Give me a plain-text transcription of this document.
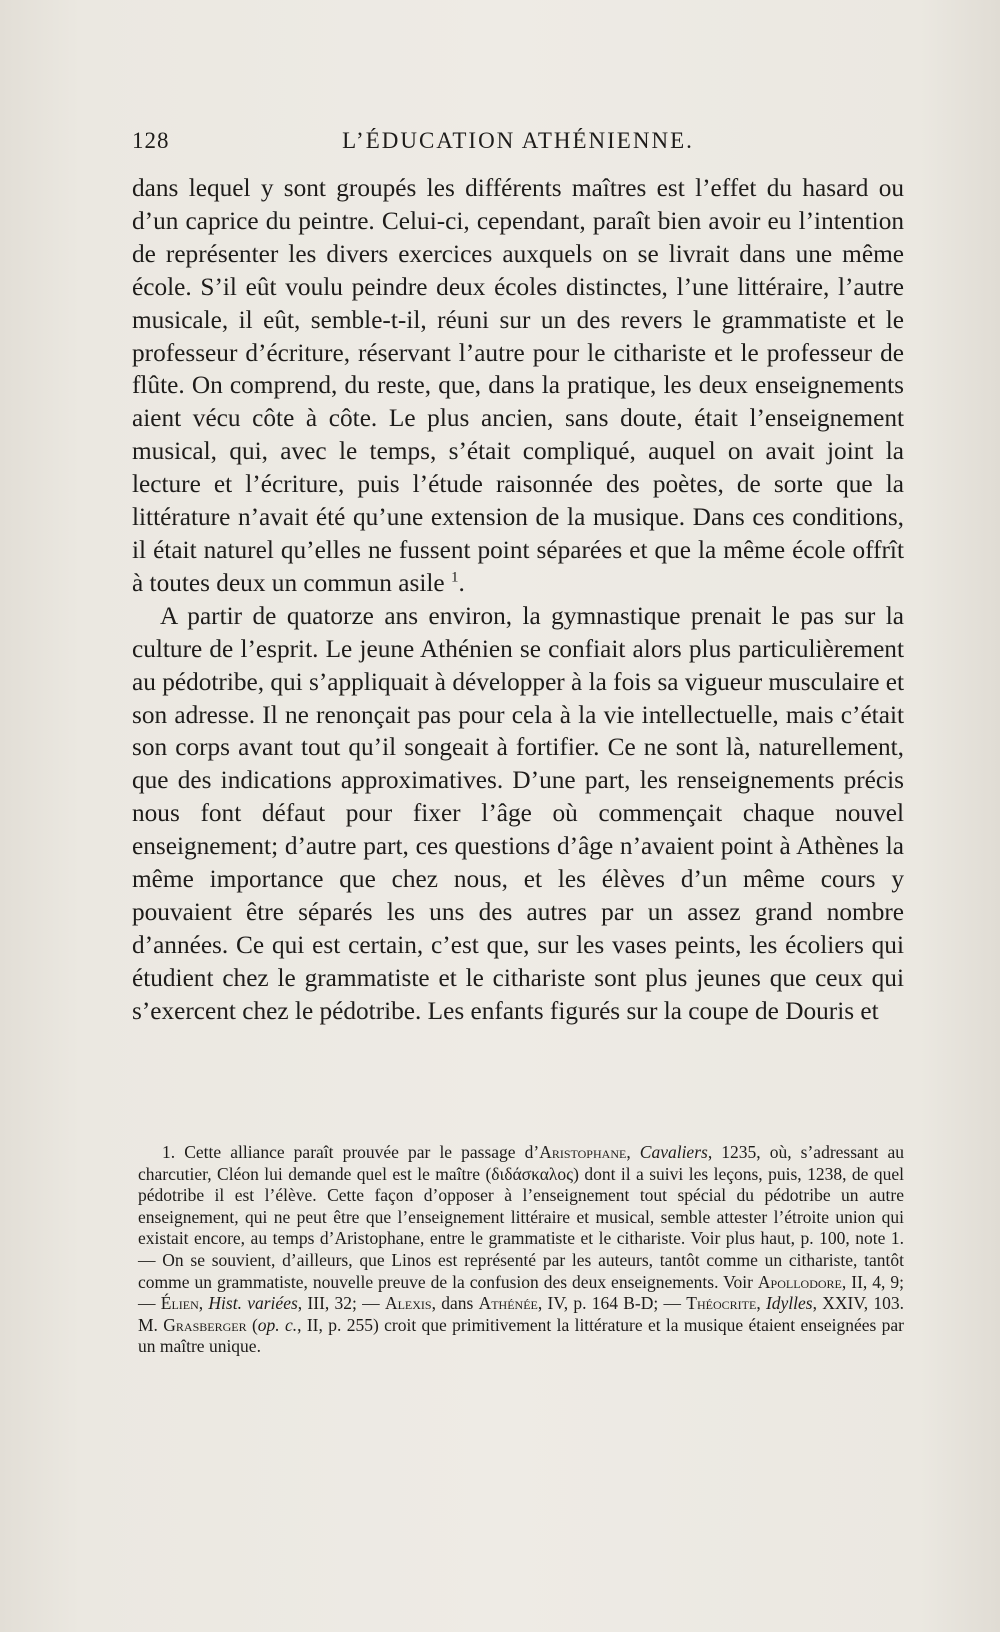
128	L’ÉDUCATION ATHÉNIENNE.

dans lequel y sont groupés les différents maîtres est l’effet du hasard ou d’un caprice du peintre. Celui-ci, cependant, paraît bien avoir eu l’intention de représenter les divers exercices auxquels on se livrait dans une même école. S’il eût voulu peindre deux écoles distinctes, l’une littéraire, l’autre musicale, il eût, semble-t-il, réuni sur un des revers le grammatiste et le professeur d’écriture, réservant l’autre pour le cithariste et le professeur de flûte. On comprend, du reste, que, dans la pratique, les deux enseignements aient vécu côte à côte. Le plus ancien, sans doute, était l’enseignement musical, qui, avec le temps, s’était compliqué, auquel on avait joint la lecture et l’écriture, puis l’étude raisonnée des poètes, de sorte que la littérature n’avait été qu’une extension de la musique. Dans ces conditions, il était naturel qu’elles ne fussent point séparées et que la même école offrît à toutes deux un commun asile $^1$.

A partir de quatorze ans environ, la gymnastique prenait le pas sur la culture de l’esprit. Le jeune Athénien se confiait alors plus particulièrement au pédotribe, qui s’appliquait à développer à la fois sa vigueur musculaire et son adresse. Il ne renonçait pas pour cela à la vie intellectuelle, mais c’était son corps avant tout qu’il songeait à fortifier. Ce ne sont là, naturellement, que des indications approximatives. D’une part, les renseignements précis nous font défaut pour fixer l’âge où commençait chaque nouvel enseignement; d’autre part, ces questions d’âge n’avaient point à Athènes la même importance que chez nous, et les élèves d’un même cours y pouvaient être séparés les uns des autres par un assez grand nombre d’années. Ce qui est certain, c’est que, sur les vases peints, les écoliers qui étudient chez le grammatiste et le cithariste sont plus jeunes que ceux qui s’exercent chez le pédotribe. Les enfants figurés sur la coupe de Douris et

1. Cette alliance paraît prouvée par le passage d’Aristophane, Cavaliers, 1235, où, s’adressant au charcutier, Cléon lui demande quel est le maître (διδάσκαλος) dont il a suivi les leçons, puis, 1238, de quel pédotribe il est l’élève. Cette façon d’opposer à l’enseignement tout spécial du pédotribe un autre enseignement, qui ne peut être que l’enseignement littéraire et musical, semble attester l’étroite union qui existait encore, au temps d’Aristophane, entre le grammatiste et le cithariste. Voir plus haut, p. 100, note 1. — On se souvient, d’ailleurs, que Linos est représenté par les auteurs, tantôt comme un cithariste, tantôt comme un grammatiste, nouvelle preuve de la confusion des deux enseignements. Voir Apollodore, II, 4, 9; — Élien, Hist. variées, III, 32; — Alexis, dans Athénée, IV, p. 164 B-D; — Théocrite, Idylles, XXIV, 103. M. Grasberger (op. c., II, p. 255) croit que primitivement la littérature et la musique étaient enseignées par un maître unique.
